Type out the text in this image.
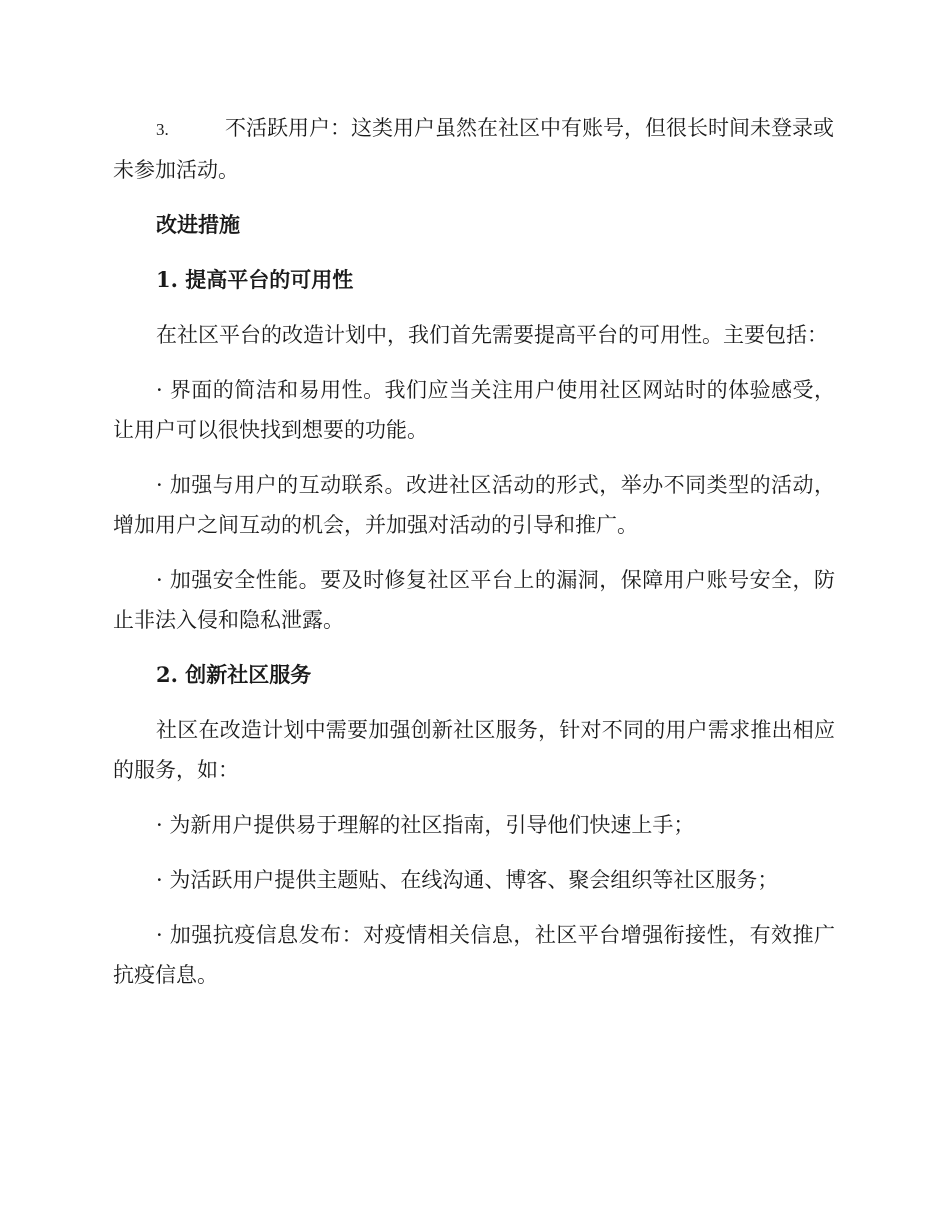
3.	不活跃用户：这类用户虽然在社区中有账号，但很长时间未登录或未参加活动。

改进措施

1. 提高平台的可用性

在社区平台的改造计划中，我们首先需要提高平台的可用性。主要包括：

· 界面的简洁和易用性。我们应当关注用户使用社区网站时的体验感受，让用户可以很快找到想要的功能。

· 加强与用户的互动联系。改进社区活动的形式，举办不同类型的活动，增加用户之间互动的机会，并加强对活动的引导和推广。

· 加强安全性能。要及时修复社区平台上的漏洞，保障用户账号安全，防止非法入侵和隐私泄露。

2. 创新社区服务

社区在改造计划中需要加强创新社区服务，针对不同的用户需求推出相应的服务，如：

· 为新用户提供易于理解的社区指南，引导他们快速上手；

· 为活跃用户提供主题贴、在线沟通、博客、聚会组织等社区服务；

· 加强抗疫信息发布：对疫情相关信息，社区平台增强衔接性，有效推广抗疫信息。
